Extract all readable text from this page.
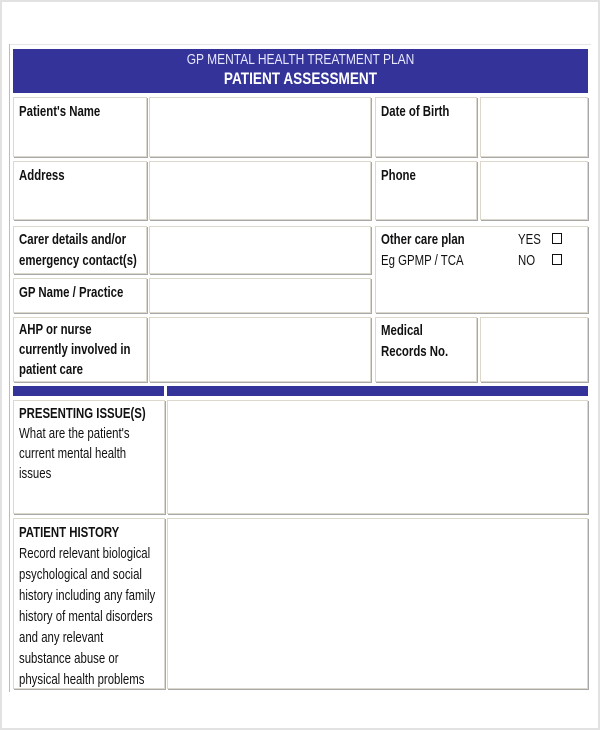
GP MENTAL HEALTH TREATMENT PLAN
PATIENT ASSESSMENT
Patient's Name	Date of Birth
Address	Phone
Carer details and/or
emergency contact(s)
Other care plan
Eg GPMP / TCA
YES
NO
GP Name / Practice
AHP or nurse
currently involved in
patient care
Medical
Records No.
PRESENTING ISSUE(S)
What are the patient's
current mental health
issues
PATIENT HISTORY
Record relevant biological
psychological and social
history including any family
history of mental disorders
and any relevant
substance abuse or
physical health problems
